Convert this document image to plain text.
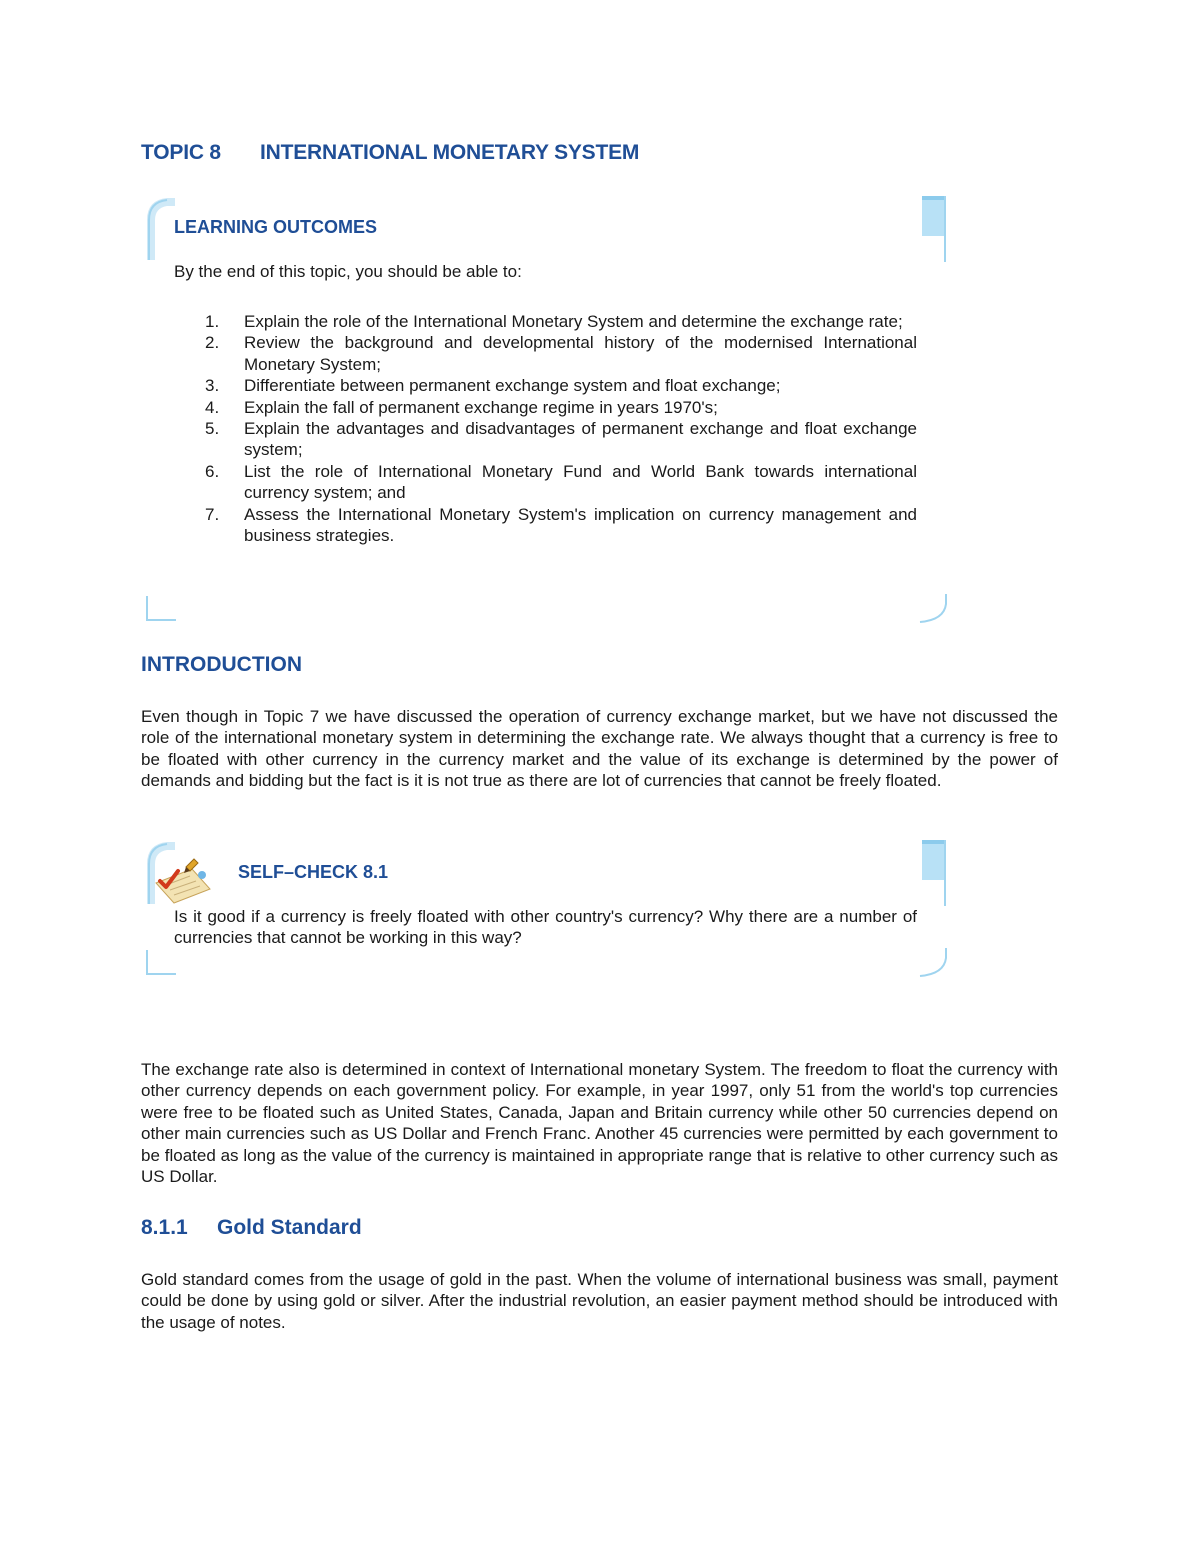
TOPIC 8 INTERNATIONAL MONETARY SYSTEM
LEARNING OUTCOMES
By the end of this topic, you should be able to:
1. Explain the role of the International Monetary System and determine the exchange rate;
2. Review the background and developmental history of the modernised International Monetary System;
3. Differentiate between permanent exchange system and float exchange;
4. Explain the fall of permanent exchange regime in years 1970's;
5. Explain the advantages and disadvantages of permanent exchange and float exchange system;
6. List the role of International Monetary Fund and World Bank towards international currency system; and
7. Assess the International Monetary System's implication on currency management and business strategies.
INTRODUCTION

Even though in Topic 7 we have discussed the operation of currency exchange market, but we have not discussed the role of the international monetary system in determining the exchange rate. We always thought that a currency is free to be floated with other currency in the currency market and the value of its exchange is determined by the power of demands and bidding but the fact is it is not true as there are lot of currencies that cannot be freely floated.

SELF–CHECK 8.1

Is it good if a currency is freely floated with other country's currency? Why there are a number of currencies that cannot be working in this way?

The exchange rate also is determined in context of International monetary System. The freedom to float the currency with other currency depends on each government policy. For example, in year 1997, only 51 from the world's top currencies were free to be floated such as United States, Canada, Japan and Britain currency while other 50 currencies depend on other main currencies such as US Dollar and French Franc. Another 45 currencies were permitted by each government to be floated as long as the value of the currency is maintained in appropriate range that is relative to other currency such as US Dollar.

8.1.1 Gold Standard

Gold standard comes from the usage of gold in the past. When the volume of international business was small, payment could be done by using gold or silver. After the industrial revolution, an easier payment method should be introduced with the usage of notes.
